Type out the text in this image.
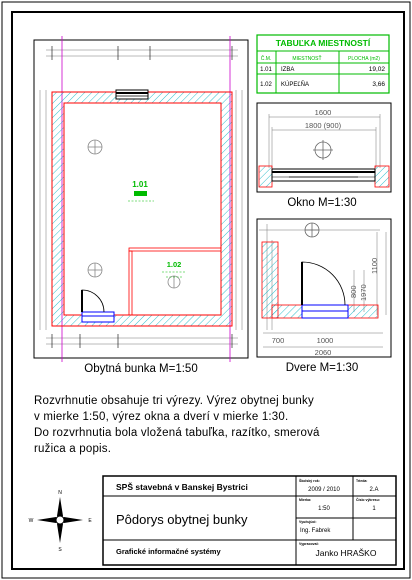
1.01
1.02
Obytná bunka M=1:50
TABUĽKA MIESTNOSTÍ
Č.M.	MIESTNOSŤ	PLOCHA (m2)
1.01 IZBA	19,02
1.02 KÚPEĽŇA	3,66
1600
1800 (900)
Okno M=1:30
1100
800 1970
700	1000
2060
Dvere M=1:30
N
S
E
W
SPŠ stavebná v Banskej Bystrici
Školský rok:
2009 / 2010
Trieda:
2.A
Pôdorys obytnej bunky
Mierka:
1:50
Číslo výkresu:
1
Vyučujúci:
Ing. Fabrek
Grafické informačné systémy
Vypracoval:
Janko HRAŠKO
Rozvrhnutie obsahuje tri výrezy. Výrez obytnej bunky
v mierke 1:50, výrez okna a dverí v mierke 1:30.
Do rozvrhnutia bola vložená tabuľka, razítko, smerová
ružica a popis.
